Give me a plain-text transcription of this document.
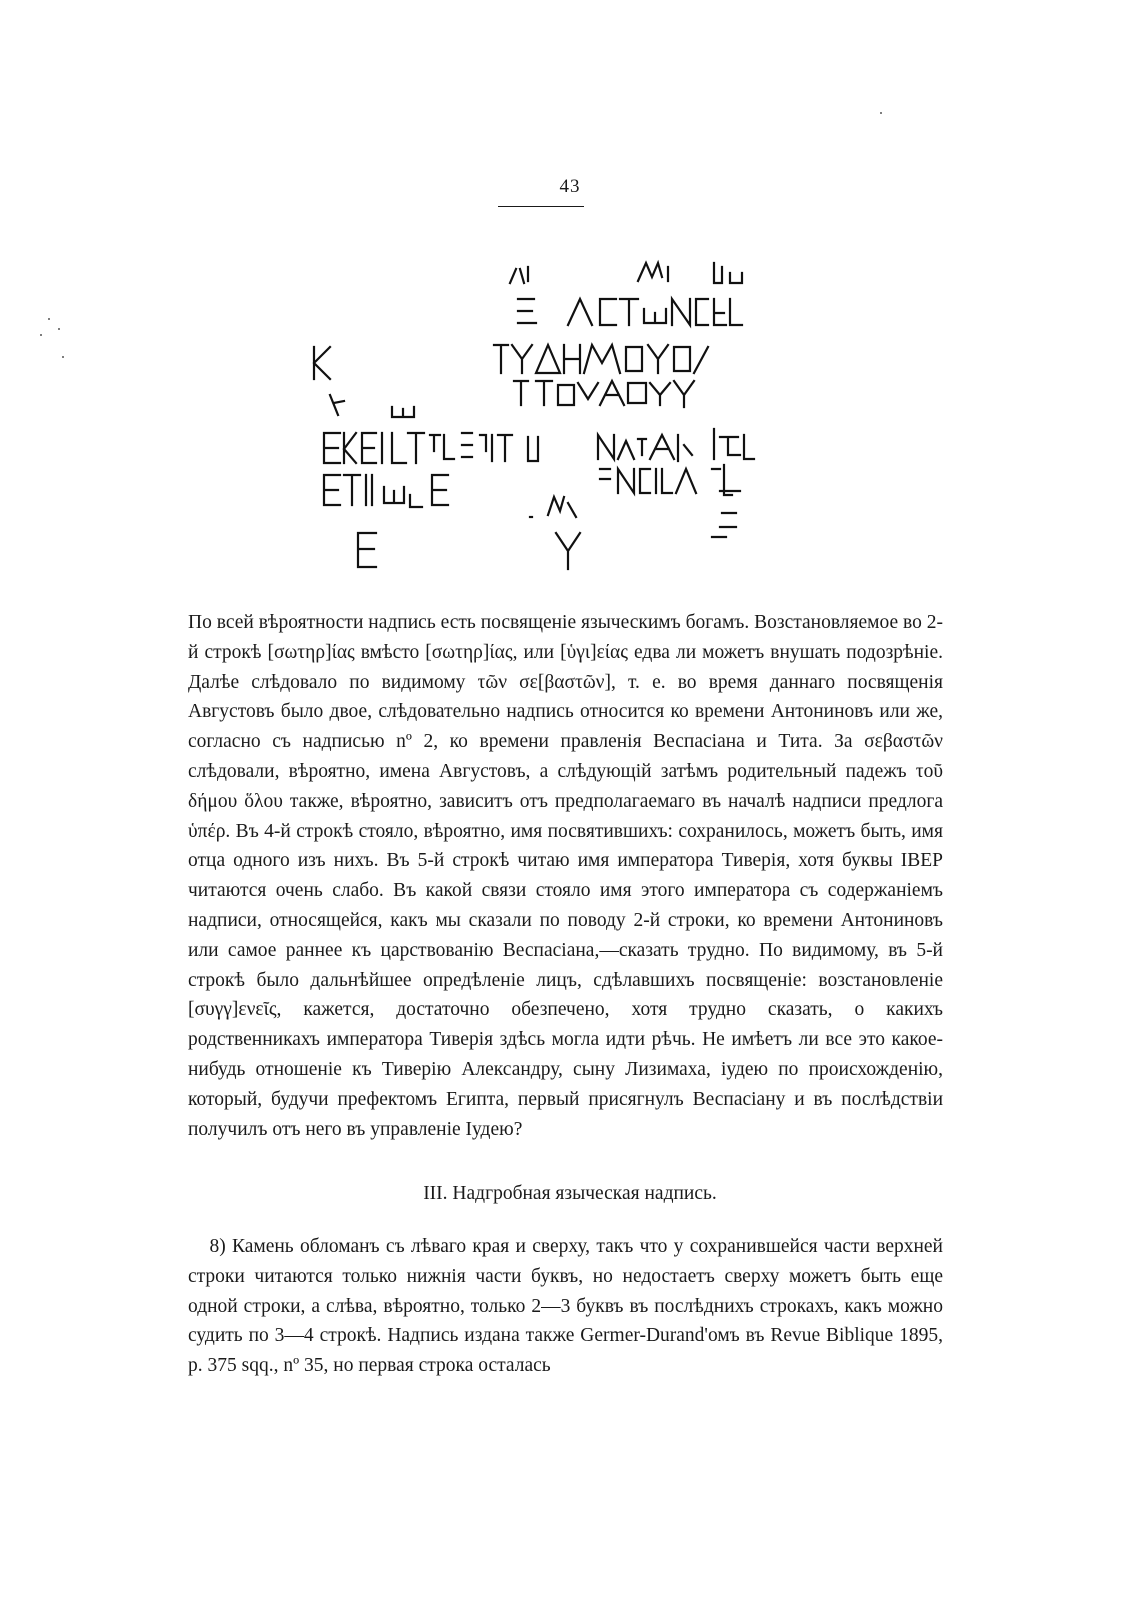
43

По всей вѣроятности надпись есть посвященіе языческимъ богамъ. Возстановляемое во 2-й строкѣ [σωτηρ]ίας вмѣсто [σωτηρ]ίας, или [ὑγι]είας едва ли можетъ внушать подозрѣніе. Далѣе слѣдовало по видимому τῶν σε[βαστῶν], т. е. во время даннаго посвященія Августовъ было двое, слѣдовательно надпись относится ко времени Антониновъ или же, согласно съ надписью nº 2, ко времени правленія Веспасіана и Тита. За σεβαστῶν слѣдовали, вѣроятно, имена Августовъ, а слѣдующій затѣмъ родительный падежъ τοῦ δήμου ὅλου также, вѣроятно, зависитъ отъ предполагаемаго въ началѣ надписи предлога ὑπέρ. Въ 4-й строкѣ стояло, вѣроятно, имя посвятившихъ: сохранилось, можетъ быть, имя отца одного изъ нихъ. Въ 5-й строкѣ читаю имя императора Тиверія, хотя буквы IBEP читаются очень слабо. Въ какой связи стояло имя этого императора съ содержаніемъ надписи, относящейся, какъ мы сказали по поводу 2-й строки, ко времени Антониновъ или самое раннее къ царствованію Веспасіана,—сказать трудно. По видимому, въ 5-й строкѣ было дальнѣйшее опредѣленіе лицъ, сдѣлавшихъ посвященіе: возстановленіе [συγγ]ενεῖς, кажется, достаточно обезпечено, хотя трудно сказать, о какихъ родственникахъ императора Тиверія здѣсь могла идти рѣчь. Не имѣетъ ли все это какое-нибудь отношеніе къ Тиверію Александру, сыну Лизимаха, іудею по происхожденію, который, будучи префектомъ Египта, первый присягнулъ Веспасіану и въ послѣдствіи получилъ отъ него въ управленіе Іудею?

III. Надгробная языческая надпись.

8) Камень обломанъ съ лѣваго края и сверху, такъ что у сохранившейся части верхней строки читаются только нижнія части буквъ, но недостаетъ сверху можетъ быть еще одной строки, а слѣва, вѣроятно, только 2—3 буквъ въ послѣднихъ строкахъ, какъ можно судить по 3—4 строкѣ. Надпись издана также Germer-Durand'омъ въ Revue Biblique 1895, p. 375 sqq., nº 35, но первая строка осталась
